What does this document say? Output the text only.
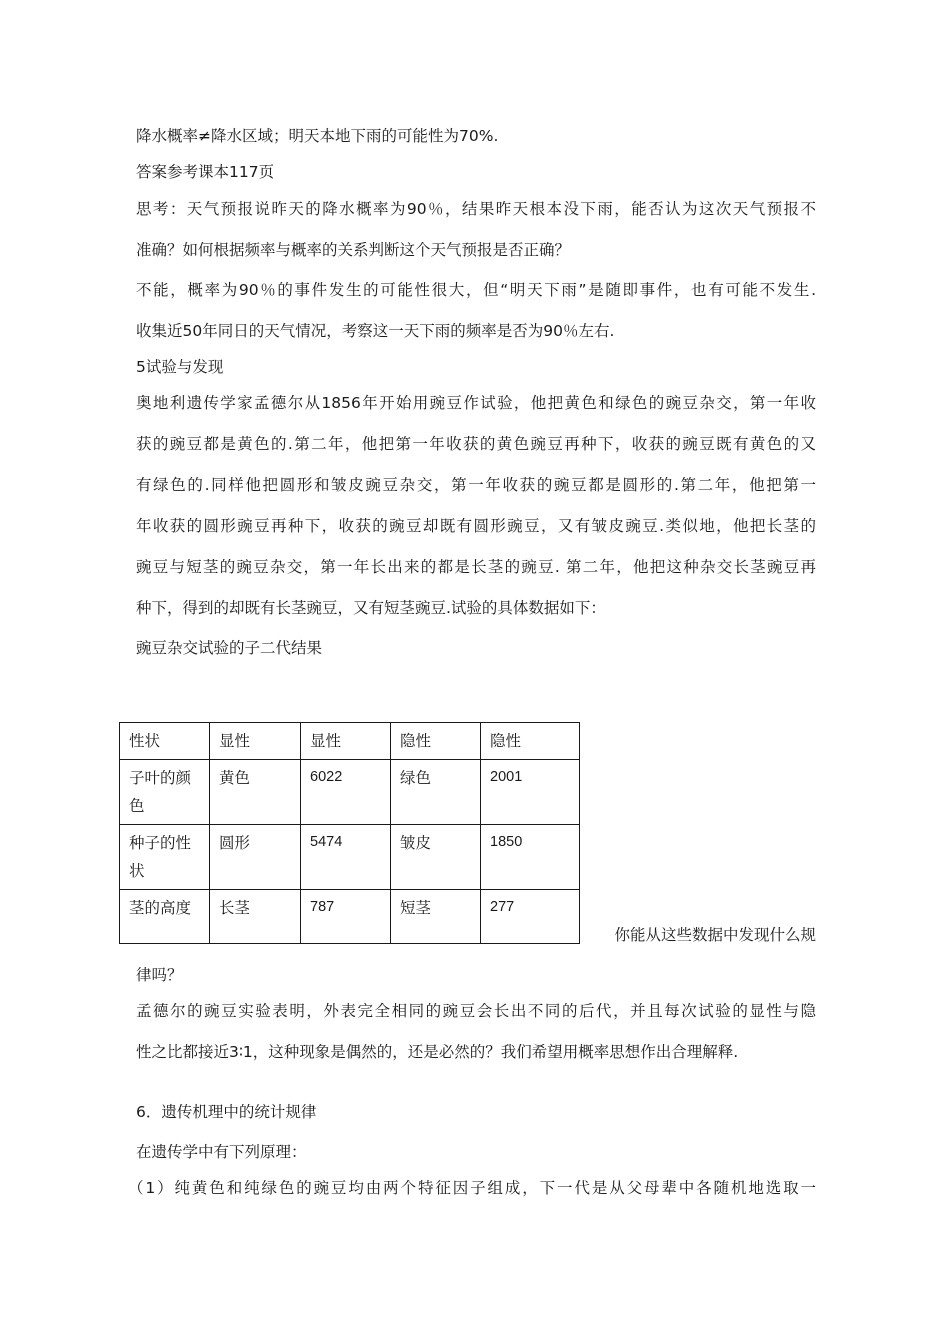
降水概率≠降水区域；明天本地下雨的可能性为70%.
答案参考课本117页
思考：天气预报说昨天的降水概率为90％，结果昨天根本没下雨，能否认为这次天气预报不
准确？如何根据频率与概率的关系判断这个天气预报是否正确？
不能，概率为90％的事件发生的可能性很大，但“明天下雨”是随即事件，也有可能不发生.
收集近50年同日的天气情况，考察这一天下雨的频率是否为90％左右.
5试验与发现
奥地利遗传学家孟德尔从1856年开始用豌豆作试验，他把黄色和绿色的豌豆杂交，第一年收
获的豌豆都是黄色的.第二年，他把第一年收获的黄色豌豆再种下，收获的豌豆既有黄色的又
有绿色的.同样他把圆形和皱皮豌豆杂交，第一年收获的豌豆都是圆形的.第二年，他把第一
年收获的圆形豌豆再种下，收获的豌豆却既有圆形豌豆，又有皱皮豌豆.类似地，他把长茎的
豌豆与短茎的豌豆杂交，第一年长出来的都是长茎的豌豆. 第二年，他把这种杂交长茎豌豆再
种下，得到的却既有长茎豌豆，又有短茎豌豆.试验的具体数据如下：
豌豆杂交试验的子二代结果
性状	显性	显性	隐性	隐性
子叶的颜色	黄色	6022	绿色	2001
种子的性状	圆形	5474	皱皮	1850
茎的高度	长茎	787	短茎	277
你能从这些数据中发现什么规
律吗？
孟德尔的豌豆实验表明，外表完全相同的豌豆会长出不同的后代，并且每次试验的显性与隐
性之比都接近3∶1，这种现象是偶然的，还是必然的？我们希望用概率思想作出合理解释.
6．遗传机理中的统计规律
在遗传学中有下列原理：
（1）纯黄色和纯绿色的豌豆均由两个特征因子组成，下一代是从父母辈中各随机地选取一
